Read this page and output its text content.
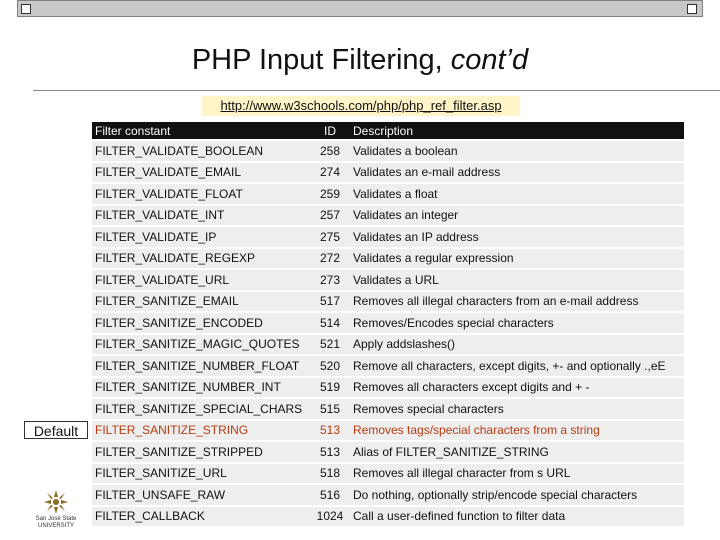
PHP Input Filtering, cont’d
http://www.w3schools.com/php/php_ref_filter.asp
Filter constant	ID	Description
FILTER_VALIDATE_BOOLEAN	258	Validates a boolean
FILTER_VALIDATE_EMAIL	274	Validates an e-mail address
FILTER_VALIDATE_FLOAT	259	Validates a float
FILTER_VALIDATE_INT	257	Validates an integer
FILTER_VALIDATE_IP	275	Validates an IP address
FILTER_VALIDATE_REGEXP	272	Validates a regular expression
FILTER_VALIDATE_URL	273	Validates a URL
FILTER_SANITIZE_EMAIL	517	Removes all illegal characters from an e-mail address
FILTER_SANITIZE_ENCODED	514	Removes/Encodes special characters
FILTER_SANITIZE_MAGIC_QUOTES	521	Apply addslashes()
FILTER_SANITIZE_NUMBER_FLOAT	520	Remove all characters, except digits, +- and optionally .,eE
FILTER_SANITIZE_NUMBER_INT	519	Removes all characters except digits and + -
FILTER_SANITIZE_SPECIAL_CHARS	515	Removes special characters
FILTER_SANITIZE_STRING	513	Removes tags/special characters from a string
FILTER_SANITIZE_STRIPPED	513	Alias of FILTER_SANITIZE_STRING
FILTER_SANITIZE_URL	518	Removes all illegal character from s URL
FILTER_UNSAFE_RAW	516	Do nothing, optionally strip/encode special characters
FILTER_CALLBACK	1024	Call a user-defined function to filter data
Default
San José State
UNIVERSITY
